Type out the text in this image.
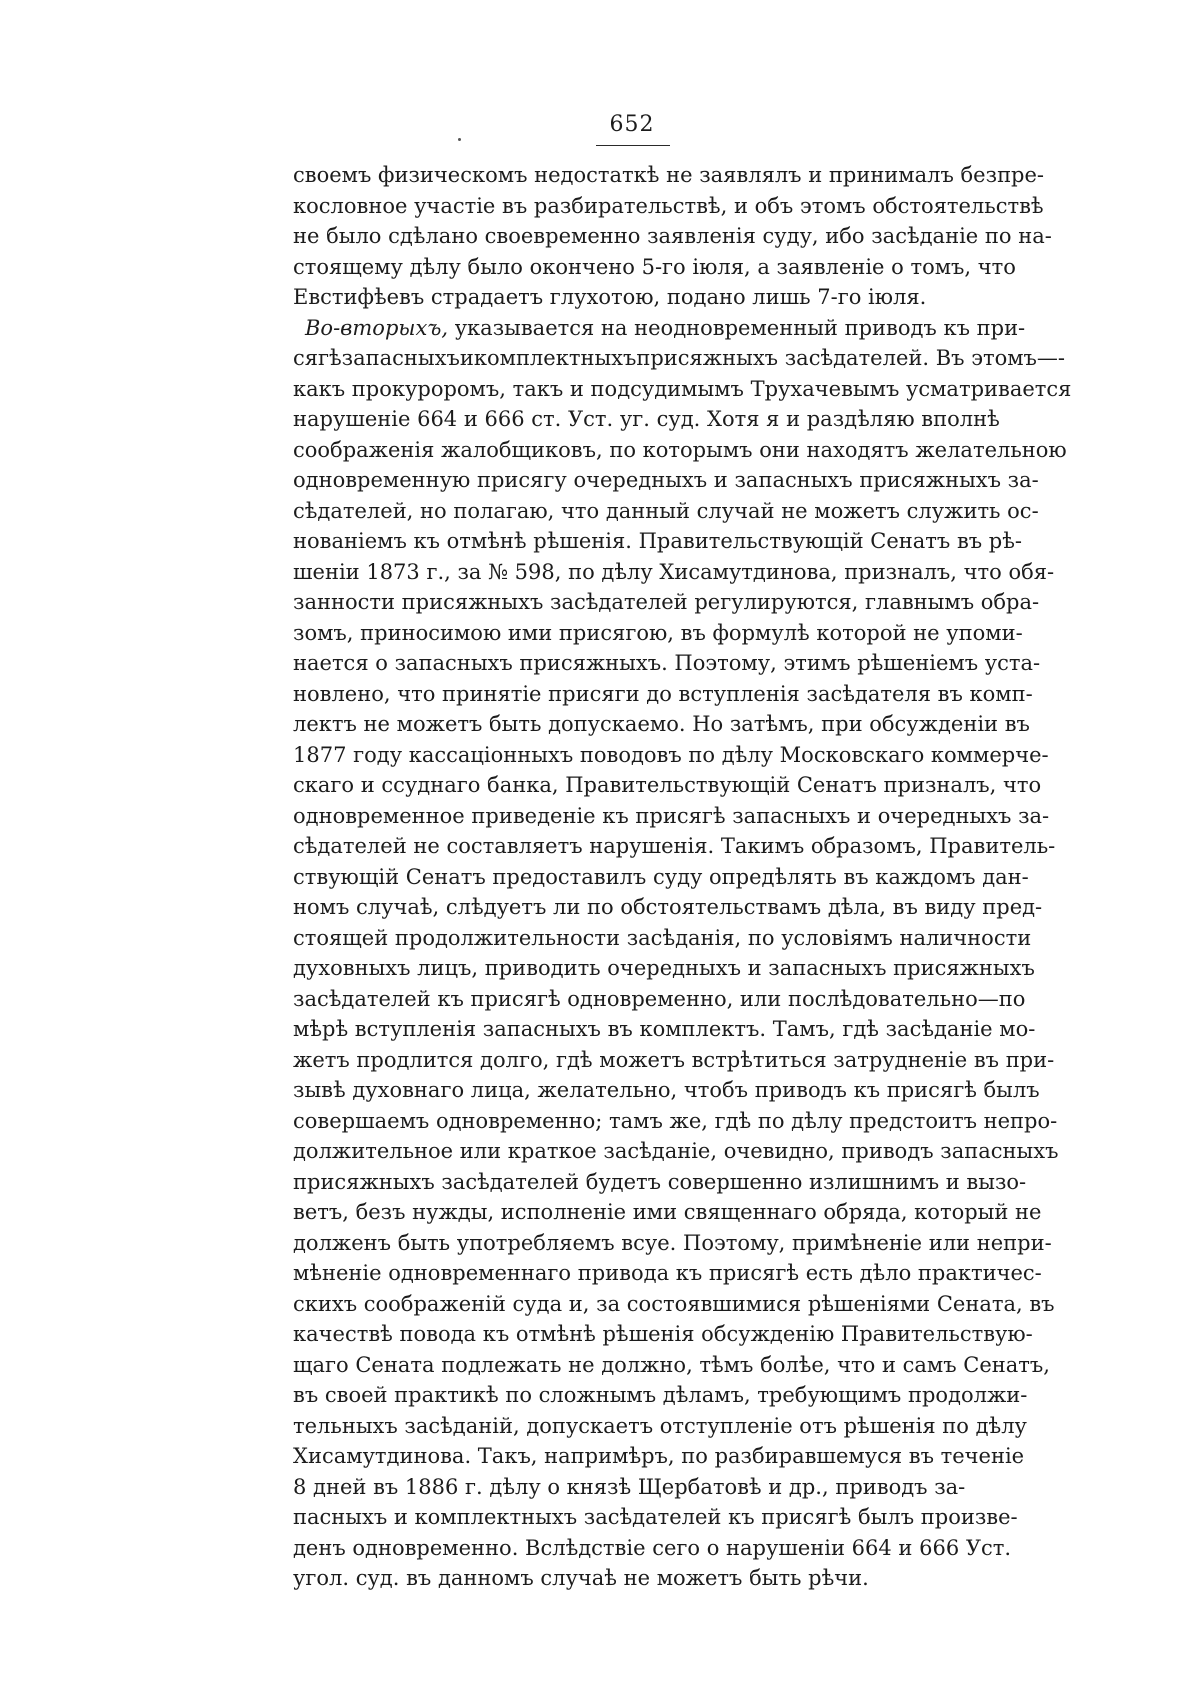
652
своемъ физическомъ недостаткѣ не заявлялъ и принималъ безпре-
кословное участіе въ разбирательствѣ, и объ этомъ обстоятельствѣ
не было сдѣлано своевременно заявленія суду, ибо засѣданіе по на-
стоящему дѣлу было окончено 5-го іюля, а заявленіе о томъ, что
Евстифѣевъ страдаетъ глухотою, подано лишь 7-го іюля.
Во-вторыхъ, указывается на неодновременный приводъ къ при-
сягѣзапасныхъикомплектныхъприсяжныхъ засѣдателей. Въ этомъ—-
какъ прокуроромъ, такъ и подсудимымъ Трухачевымъ усматривается
нарушеніе 664 и 666 ст. Уст. уг. суд. Хотя я и раздѣляю вполнѣ
соображенія жалобщиковъ, по которымъ они находятъ желательною
одновременную присягу очередныхъ и запасныхъ присяжныхъ за-
сѣдателей, но полагаю, что данный случай не можетъ служить ос-
нованіемъ къ отмѣнѣ рѣшенія. Правительствующій Сенатъ въ рѣ-
шеніи 1873 г., за № 598, по дѣлу Хисамутдинова, призналъ, что обя-
занности присяжныхъ засѣдателей регулируются, главнымъ обра-
зомъ, приносимою ими присягою, въ формулѣ которой не упоми-
нается о запасныхъ присяжныхъ. Поэтому, этимъ рѣшеніемъ уста-
новлено, что принятіе присяги до вступленія засѣдателя въ комп-
лектъ не можетъ быть допускаемо. Но затѣмъ, при обсужденіи въ
1877 году кассаціонныхъ поводовъ по дѣлу Московскаго коммерче-
скаго и ссуднаго банка, Правительствующій Сенатъ призналъ, что
одновременное приведеніе къ присягѣ запасныхъ и очередныхъ за-
сѣдателей не составляетъ нарушенія. Такимъ образомъ, Правитель-
ствующій Сенатъ предоставилъ суду опредѣлять въ каждомъ дан-
номъ случаѣ, слѣдуетъ ли по обстоятельствамъ дѣла, въ виду пред-
стоящей продолжительности засѣданія, по условіямъ наличности
духовныхъ лицъ, приводить очередныхъ и запасныхъ присяжныхъ
засѣдателей къ присягѣ одновременно, или послѣдовательно—по
мѣрѣ вступленія запасныхъ въ комплектъ. Тамъ, гдѣ засѣданіе мо-
жетъ продлится долго, гдѣ можетъ встрѣтиться затрудненіе въ при-
зывѣ духовнаго лица, желательно, чтобъ приводъ къ присягѣ былъ
совершаемъ одновременно; тамъ же, гдѣ по дѣлу предстоитъ непро-
должительное или краткое засѣданіе, очевидно, приводъ запасныхъ
присяжныхъ засѣдателей будетъ совершенно излишнимъ и вызо-
ветъ, безъ нужды, исполненіе ими священнаго обряда, который не
долженъ быть употребляемъ всуе. Поэтому, примѣненіе или непри-
мѣненіе одновременнаго привода къ присягѣ есть дѣло практичес-
скихъ соображеній суда и, за состоявшимися рѣшеніями Сената, въ
качествѣ повода къ отмѣнѣ рѣшенія обсужденію Правительствую-
щаго Сената подлежать не должно, тѣмъ болѣе, что и самъ Сенатъ,
въ своей практикѣ по сложнымъ дѣламъ, требующимъ продолжи-
тельныхъ засѣданій, допускаетъ отступленіе отъ рѣшенія по дѣлу
Хисамутдинова. Такъ, напримѣръ, по разбиравшемуся въ теченіе
8 дней въ 1886 г. дѣлу о князѣ Щербатовѣ и др., приводъ за-
пасныхъ и комплектныхъ засѣдателей къ присягѣ былъ произве-
денъ одновременно. Вслѣдствіе сего о нарушеніи 664 и 666 Уст.
угол. суд. въ данномъ случаѣ не можетъ быть рѣчи.
